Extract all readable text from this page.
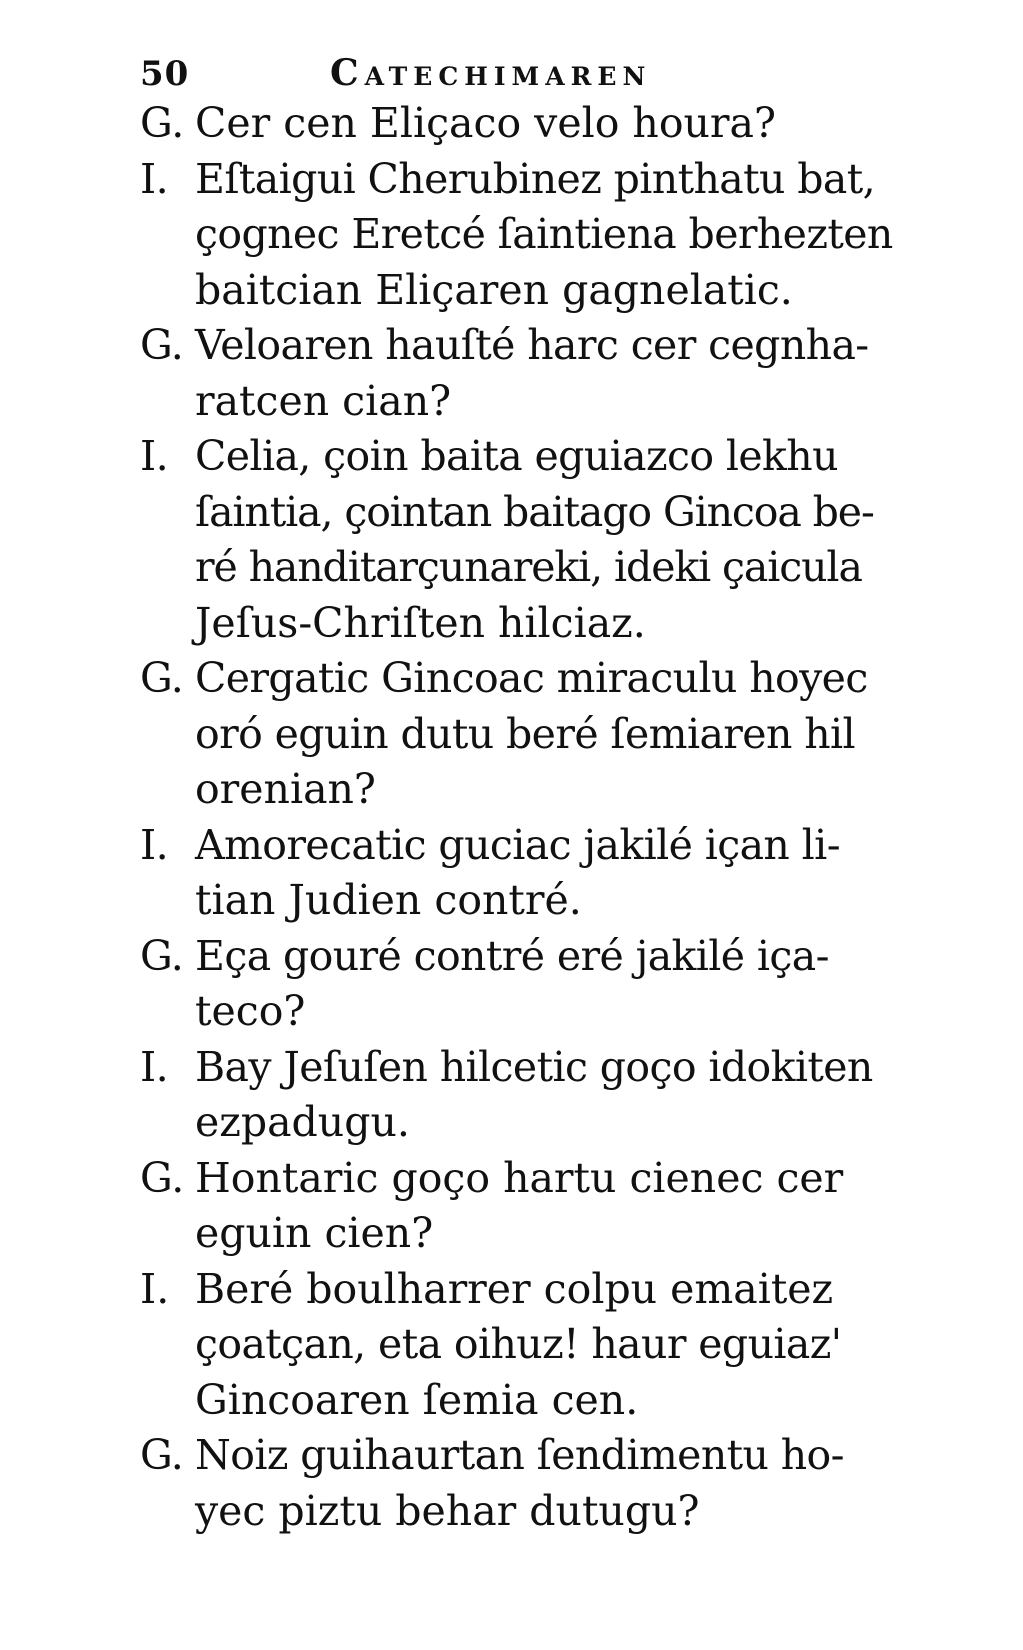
50	Catechimaren
G. Cer cen Eliçaco velo houra?
I. Eſtaigui Cherubinez pinthatu bat,
çognec Eretcé ſaintiena berhezten
baitcian Eliçaren gagnelatic.
G. Veloaren hauſté harc cer cegnha-
ratcen cian?
I. Celia, çoin baita eguiazco lekhu
ſaintia, çointan baitago Gincoa be-
ré handitarçunareki, ideki çaicula
Jeſus-Chriſten hilciaz.
G. Cergatic Gincoac miraculu hoyec
oró eguin dutu beré ſemiaren hil
orenian?
I. Amorecatic guciac jakilé içan li-
tian Judien contré.
G. Eça gouré contré eré jakilé iça-
teco?
I. Bay Jeſuſen hilcetic goço idokiten
ezpadugu.
G. Hontaric goço hartu cienec cer
eguin cien?
I. Beré boulharrer colpu emaitez
çoatçan, eta oihuz! haur eguiaz'
Gincoaren ſemia cen.
G. Noiz guihaurtan ſendimentu ho-
yec piztu behar dutugu?
